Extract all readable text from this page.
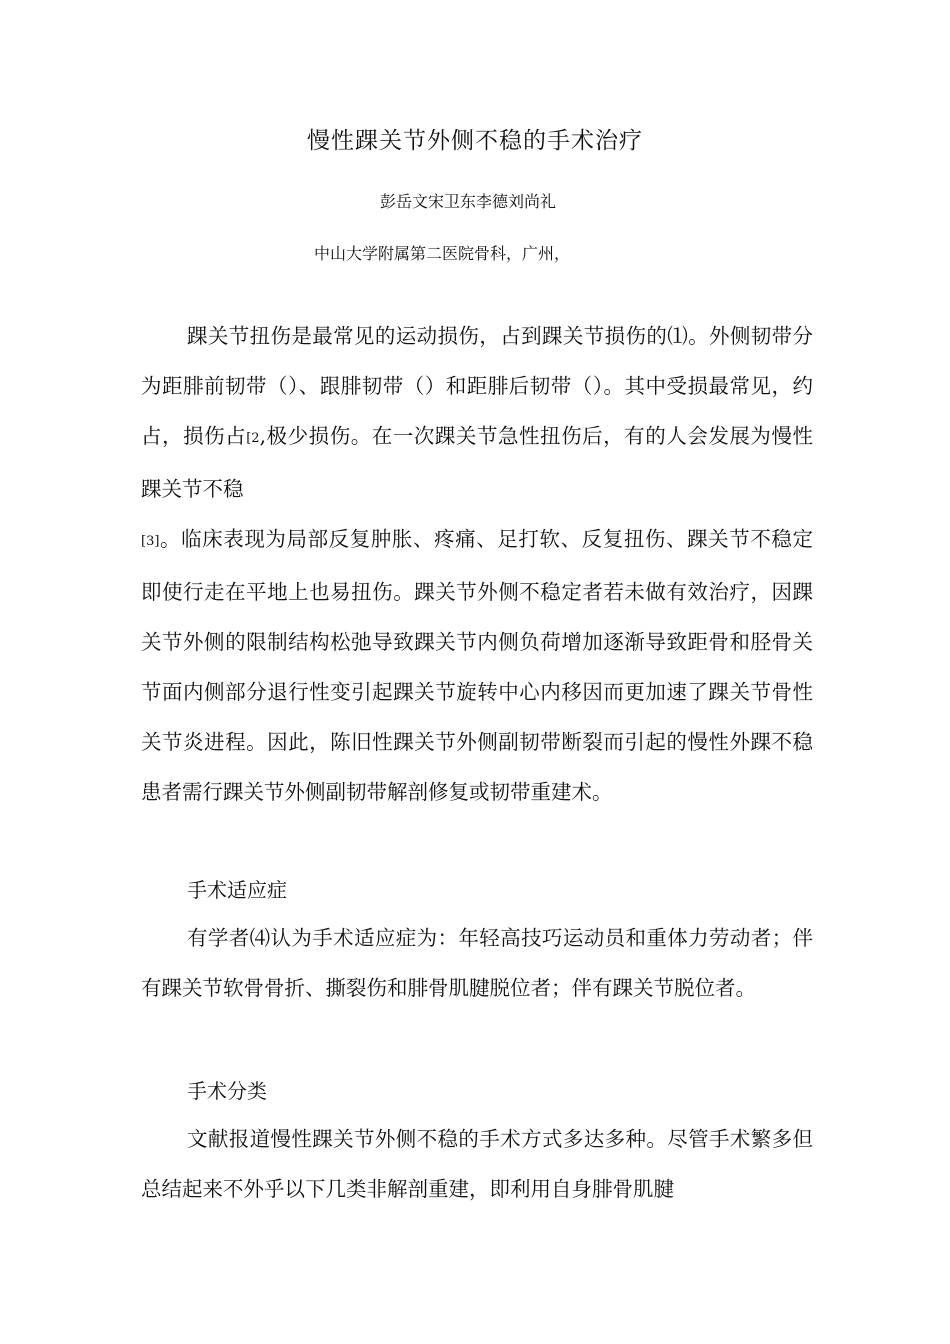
慢性踝关节外侧不稳的手术治疗
彭岳文宋卫东李德刘尚礼
中山大学附属第二医院骨科，广州，

踝关节扭伤是最常见的运动损伤，占到踝关节损伤的⑴。外侧韧带分为距腓前韧带（）、跟腓韧带（）和距腓后韧带（）。其中受损最常见，约占，损伤占[2,极少损伤。在一次踝关节急性扭伤后，有的人会发展为慢性踝关节不稳

[3]。临床表现为局部反复肿胀、疼痛、足打软、反复扭伤、踝关节不稳定即使行走在平地上也易扭伤。踝关节外侧不稳定者若未做有效治疗，因踝关节外侧的限制结构松弛导致踝关节内侧负荷增加逐渐导致距骨和胫骨关节面内侧部分退行性变引起踝关节旋转中心内移因而更加速了踝关节骨性关节炎进程。因此，陈旧性踝关节外侧副韧带断裂而引起的慢性外踝不稳患者需行踝关节外侧副韧带解剖修复或韧带重建术。

手术适应症

有学者⑷认为手术适应症为：年轻高技巧运动员和重体力劳动者；伴有踝关节软骨骨折、撕裂伤和腓骨肌腱脱位者；伴有踝关节脱位者。

手术分类

文献报道慢性踝关节外侧不稳的手术方式多达多种。尽管手术繁多但总结起来不外乎以下几类非解剖重建，即利用自身腓骨肌腱
